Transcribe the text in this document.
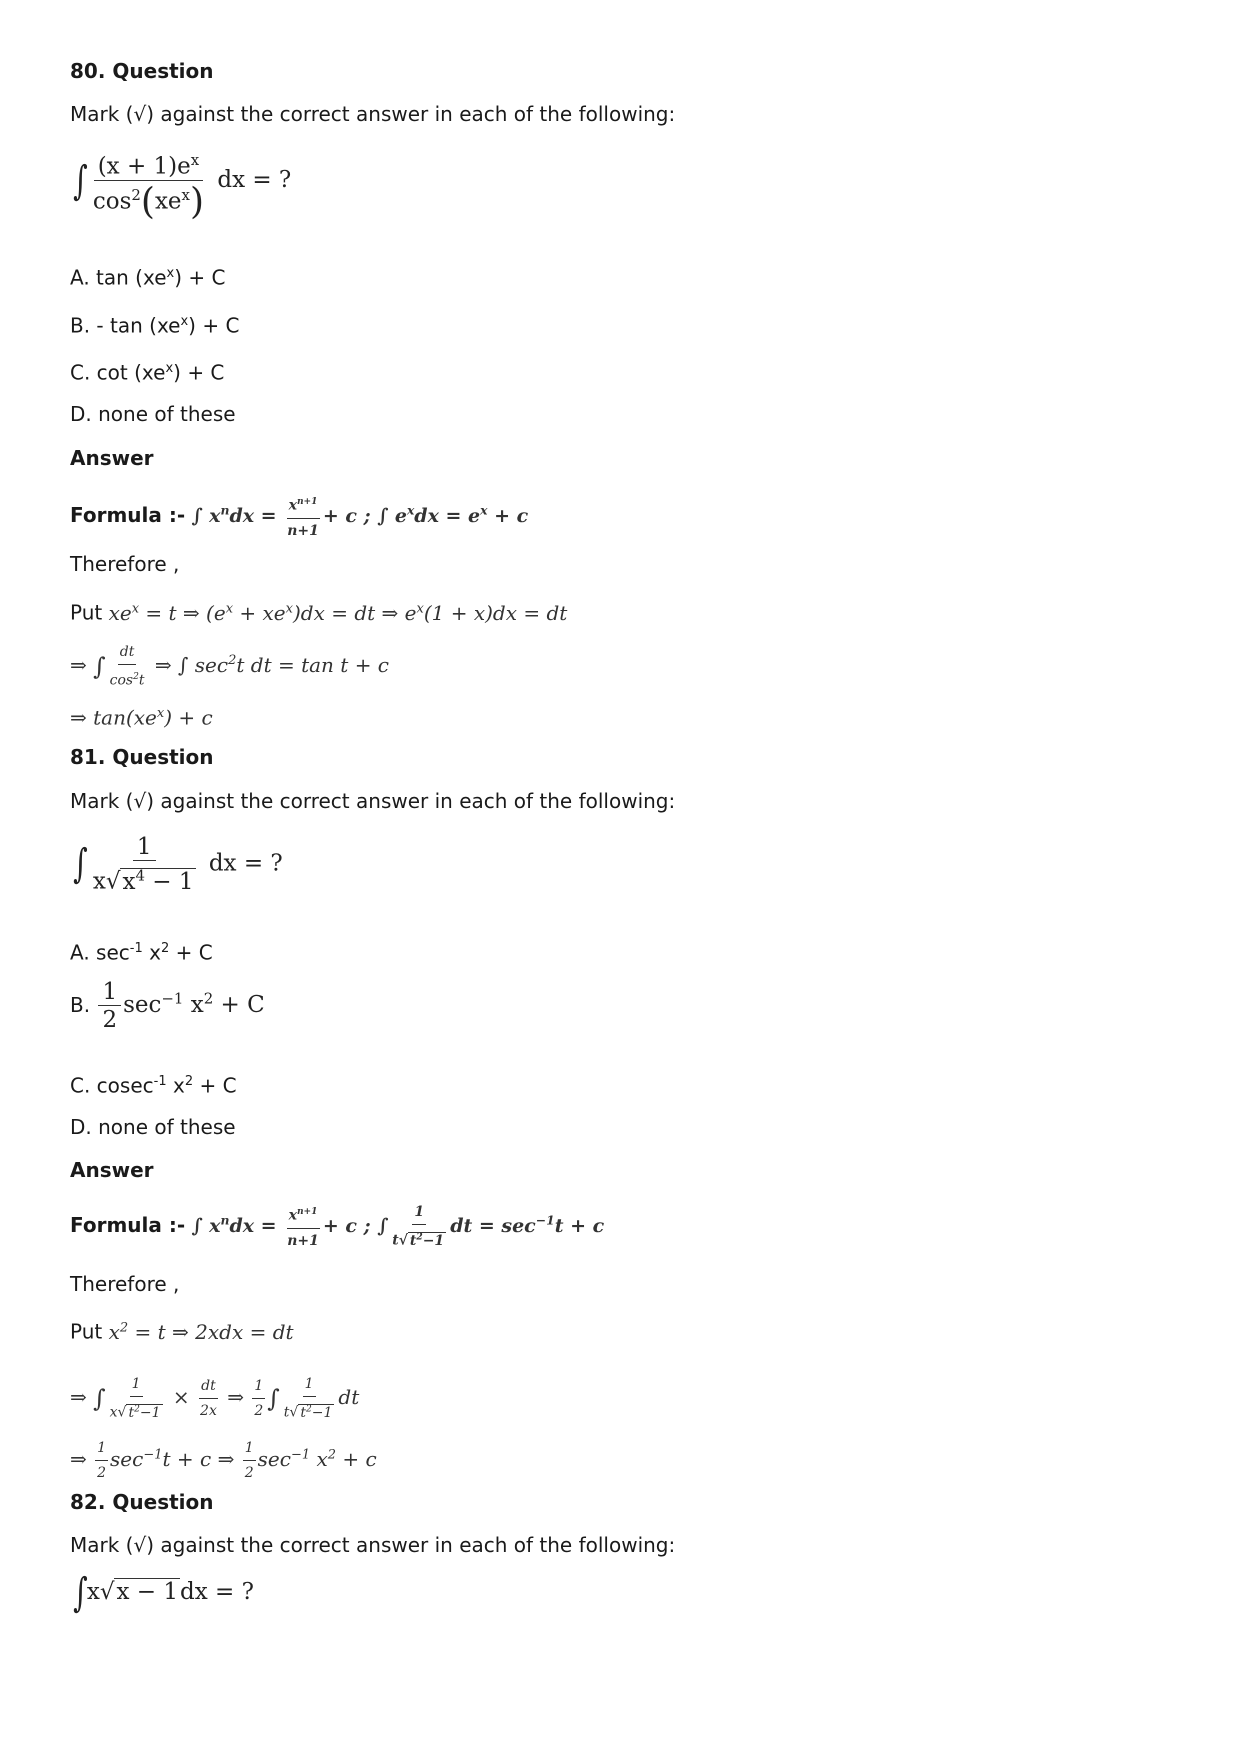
80. Question
Mark (√) against the correct answer in each of the following:
∫ $\frac{(x + 1)e^x}{\cos^2(xe^x)}$ dx = ?
A. $\tan (xe^x) + C$
B. - $\tan (xe^x) + C$
C. $\cot (xe^x) + C$
D. none of these
Answer
Formula :- ∫ $x^ndx = \frac{x^{n+1}}{n+1} + c$ ; ∫ $e^xdx = e^x + c$
Therefore ,
Put $xe^x = t$ ⇒ $(e^x + xe^x)dx$ = dt ⇒ $e^x(1 + x)dx$ = dt
⇒ ∫ $\frac{dt}{\cos^2t}$ ⇒ ∫ $\sec^2t$ dt = tan t + c
⇒ $\tan(xe^x) + c$
81. Question
Mark (√) against the correct answer in each of the following:
∫ $\frac{1}{x√x^4 - 1}$ dx = ?
A. $\sec^{-1} x^2 + C$
B. $\frac{1}{2} \sec^{-1} x^2 + C$
C. cosec$^{-1}$ $x^2 + C$
D. none of these
Answer
Formula :- ∫ $x^ndx = \frac{x^{n+1}}{n+1} + c$ ; ∫ $\frac{1}{t√ t^2-1}$ dt = $\sec^{-1}t + c$
Therefore ,
Put $x^2 = t$ ⇒ 2xdx = dt
⇒ ∫ $\frac{1}{x√ t^2-1} \times \frac{dt}{2x}$ ⇒ $\frac{1}{2}$ ∫ $\frac{1}{t√ t^2-1}$ dt
⇒ $\frac{1}{2} \sec^{-1}t + c$ ⇒ $\frac{1}{2} \sec^{-1} x^2 + c$
82. Question
Mark (√) against the correct answer in each of the following:
∫x√x − 1dx = ?
